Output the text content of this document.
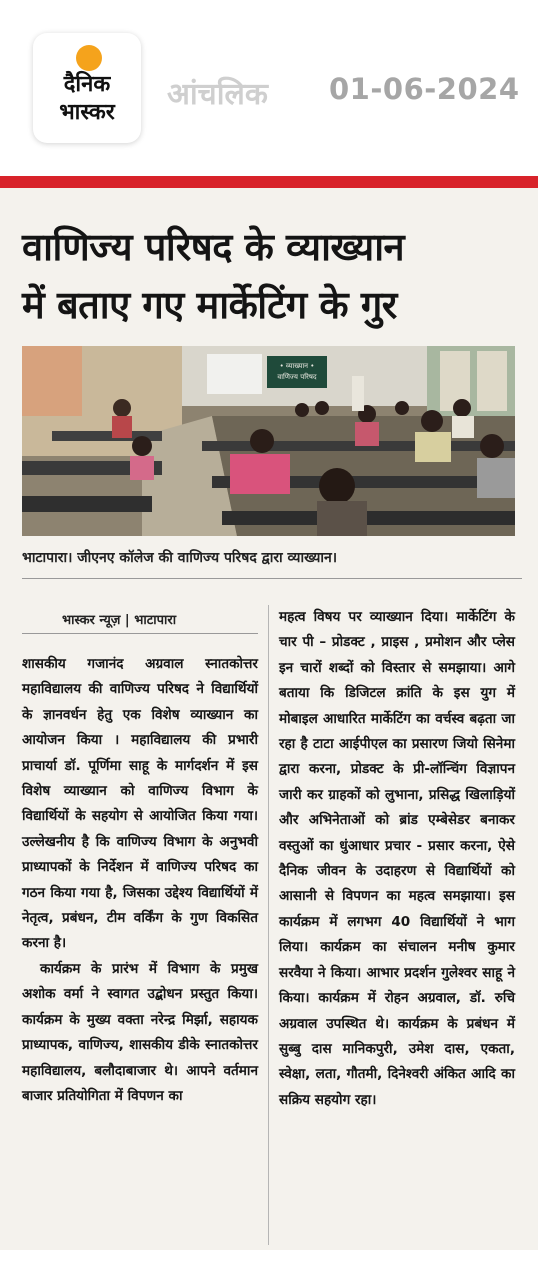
दैनिक
भास्कर
आंचलिक 01-06-2024
वाणिज्य परिषद के व्याख्यान
में बताए गए मार्केटिंग के गुर
• व्याख्यान •
वाणिज्य परिषद
भाटापारा। जीएनए कॉलेज की वाणिज्य परिषद द्वारा व्याख्यान।
भास्कर न्यूज़ | भाटापारा

शासकीय गजानंद अग्रवाल स्नातकोत्तर महाविद्यालय की वाणिज्य परिषद ने विद्यार्थियों के ज्ञानवर्धन हेतु एक विशेष व्याख्यान का आयोजन किया । महाविद्यालय की प्रभारी प्राचार्या डॉ. पूर्णिमा साहू के मार्गदर्शन में इस विशेष व्याख्यान को वाणिज्य विभाग के विद्यार्थियों के सहयोग से आयोजित किया गया। उल्लेखनीय है कि वाणिज्य विभाग के अनुभवी प्राध्यापकों के निर्देशन में वाणिज्य परिषद का गठन किया गया है, जिसका उद्देश्य विद्यार्थियों में नेतृत्व, प्रबंधन, टीम वर्किंग के गुण विकसित करना है।

कार्यक्रम के प्रारंभ में विभाग के प्रमुख अशोक वर्मा ने स्वागत उद्बोधन प्रस्तुत किया। कार्यक्रम के मुख्य वक्ता नरेन्द्र मिर्झा, सहायक प्राध्यापक, वाणिज्य, शासकीय डीके स्नातकोत्तर महाविद्यालय, बलौदाबाजार थे। आपने वर्तमान बाजार प्रतियोगिता में विपणन का

महत्व विषय पर व्याख्यान दिया। मार्केटिंग के चार पी – प्रोडक्ट , प्राइस , प्रमोशन और प्लेस इन चारों शब्दों को विस्तार से समझाया। आगे बताया कि डिजिटल क्रांति के इस युग में मोबाइल आधारित मार्केटिंग का वर्चस्व बढ़ता जा रहा है टाटा आईपीएल का प्रसारण जियो सिनेमा द्वारा करना, प्रोडक्ट के प्री-लॉन्चिंग विज्ञापन जारी कर ग्राहकों को लुभाना, प्रसिद्ध खिलाड़ियों और अभिनेताओं को ब्रांड एम्बेसेडर बनाकर वस्तुओं का धुंआधार प्रचार - प्रसार करना, ऐसे दैनिक जीवन के उदाहरण से विद्यार्थियों को आसानी से विपणन का महत्व समझाया। इस कार्यक्रम में लगभग 40 विद्यार्थियों ने भाग लिया। कार्यक्रम का संचालन मनीष कुमार सरवैया ने किया। आभार प्रदर्शन गुलेश्वर साहू ने किया। कार्यक्रम में रोहन अग्रवाल, डॉ. रुचि अग्रवाल उपस्थित थे। कार्यक्रम के प्रबंधन में सुब्बु दास मानिकपुरी, उमेश दास, एकता, स्वेक्षा, लता, गौतमी, दिनेश्वरी अंकित आदि का सक्रिय सहयोग रहा।
